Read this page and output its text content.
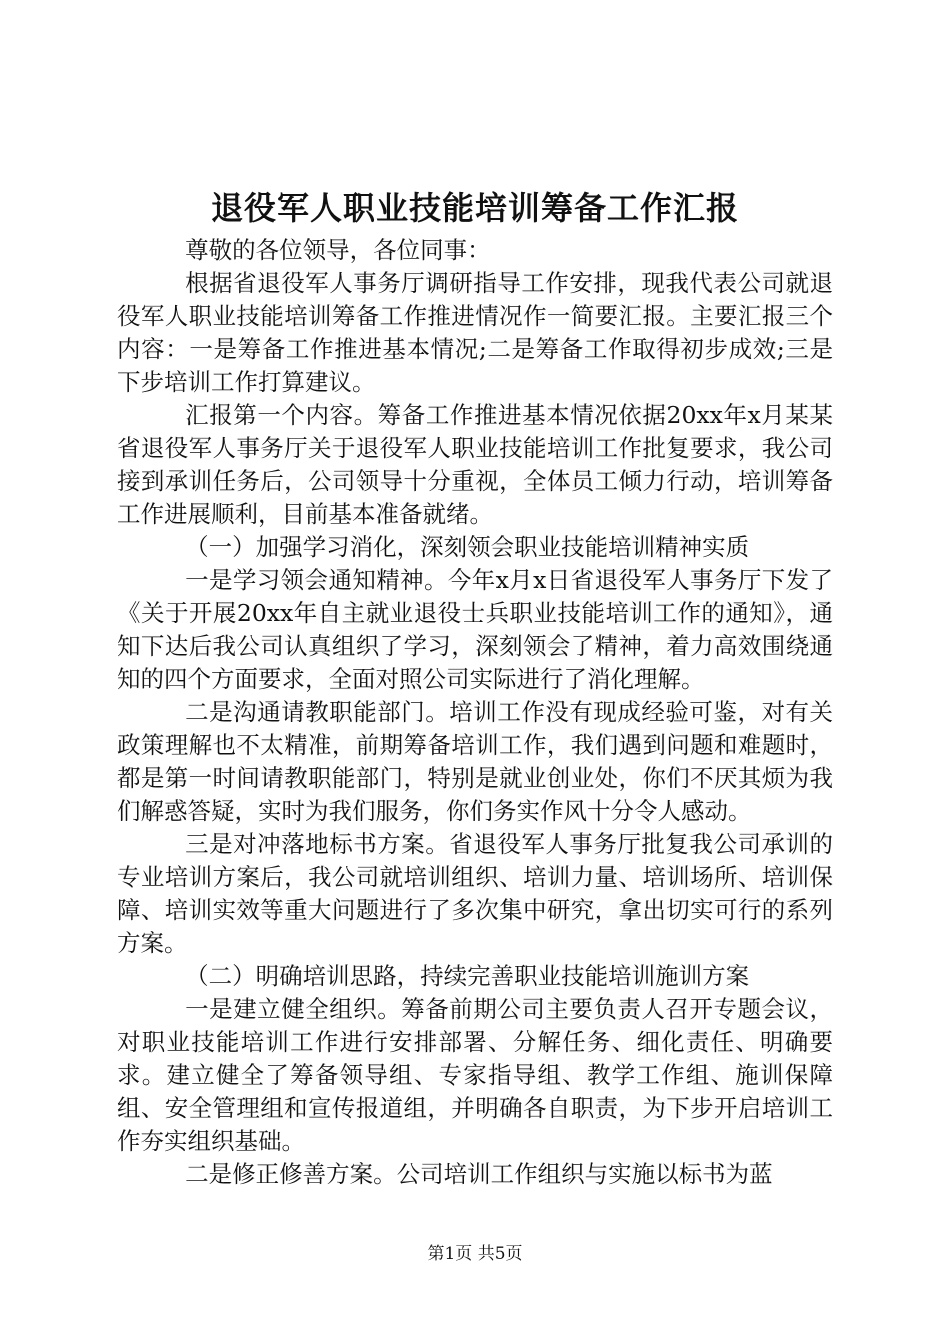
退役军人职业技能培训筹备工作汇报

尊敬的各位领导，各位同事：

根据省退役军人事务厅调研指导工作安排，现我代表公司就退役军人职业技能培训筹备工作推进情况作一简要汇报。主要汇报三个内容：一是筹备工作推进基本情况;二是筹备工作取得初步成效;三是下步培训工作打算建议。

汇报第一个内容。筹备工作推进基本情况依据20xx年x月某某省退役军人事务厅关于退役军人职业技能培训工作批复要求，我公司接到承训任务后，公司领导十分重视，全体员工倾力行动，培训筹备工作进展顺利，目前基本准备就绪。

（一）加强学习消化，深刻领会职业技能培训精神实质

一是学习领会通知精神。今年x月x日省退役军人事务厅下发了《关于开展20xx年自主就业退役士兵职业技能培训工作的通知》，通知下达后我公司认真组织了学习，深刻领会了精神，着力高效围绕通知的四个方面要求，全面对照公司实际进行了消化理解。

二是沟通请教职能部门。培训工作没有现成经验可鉴，对有关政策理解也不太精准，前期筹备培训工作，我们遇到问题和难题时，都是第一时间请教职能部门，特别是就业创业处，你们不厌其烦为我们解惑答疑，实时为我们服务，你们务实作风十分令人感动。

三是对冲落地标书方案。省退役军人事务厅批复我公司承训的专业培训方案后，我公司就培训组织、培训力量、培训场所、培训保障、培训实效等重大问题进行了多次集中研究，拿出切实可行的系列方案。

（二）明确培训思路，持续完善职业技能培训施训方案

一是建立健全组织。筹备前期公司主要负责人召开专题会议，对职业技能培训工作进行安排部署、分解任务、细化责任、明确要求。建立健全了筹备领导组、专家指导组、教学工作组、施训保障组、安全管理组和宣传报道组，并明确各自职责，为下步开启培训工作夯实组织基础。

二是修正修善方案。公司培训工作组织与实施以标书为蓝

第1页 共5页
